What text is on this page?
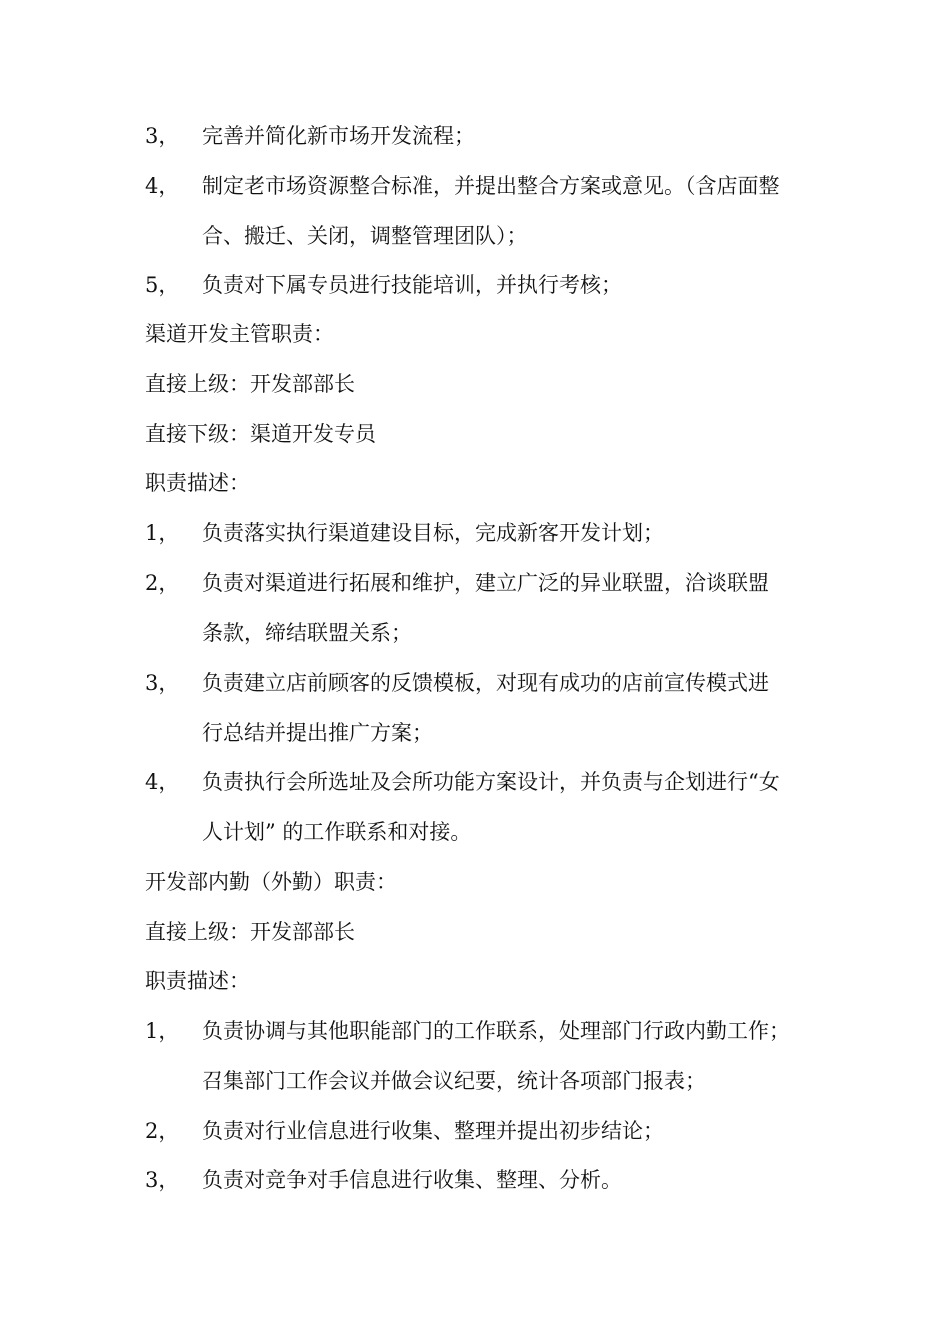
3， 完善并简化新市场开发流程；
4， 制定老市场资源整合标准，并提出整合方案或意见。（含店面整
合、搬迁、关闭，调整管理团队）；
5， 负责对下属专员进行技能培训，并执行考核；
渠道开发主管职责：
直接上级：开发部部长
直接下级：渠道开发专员
职责描述：
1， 负责落实执行渠道建设目标，完成新客开发计划；
2， 负责对渠道进行拓展和维护，建立广泛的异业联盟，洽谈联盟
条款，缔结联盟关系；
3， 负责建立店前顾客的反馈模板，对现有成功的店前宣传模式进
行总结并提出推广方案；
4， 负责执行会所选址及会所功能方案设计，并负责与企划进行“女
人计划” 的工作联系和对接。
开发部内勤（外勤）职责：
直接上级：开发部部长
职责描述：
1， 负责协调与其他职能部门的工作联系，处理部门行政内勤工作；
召集部门工作会议并做会议纪要，统计各项部门报表；
2， 负责对行业信息进行收集、整理并提出初步结论；
3， 负责对竞争对手信息进行收集、整理、分析。
